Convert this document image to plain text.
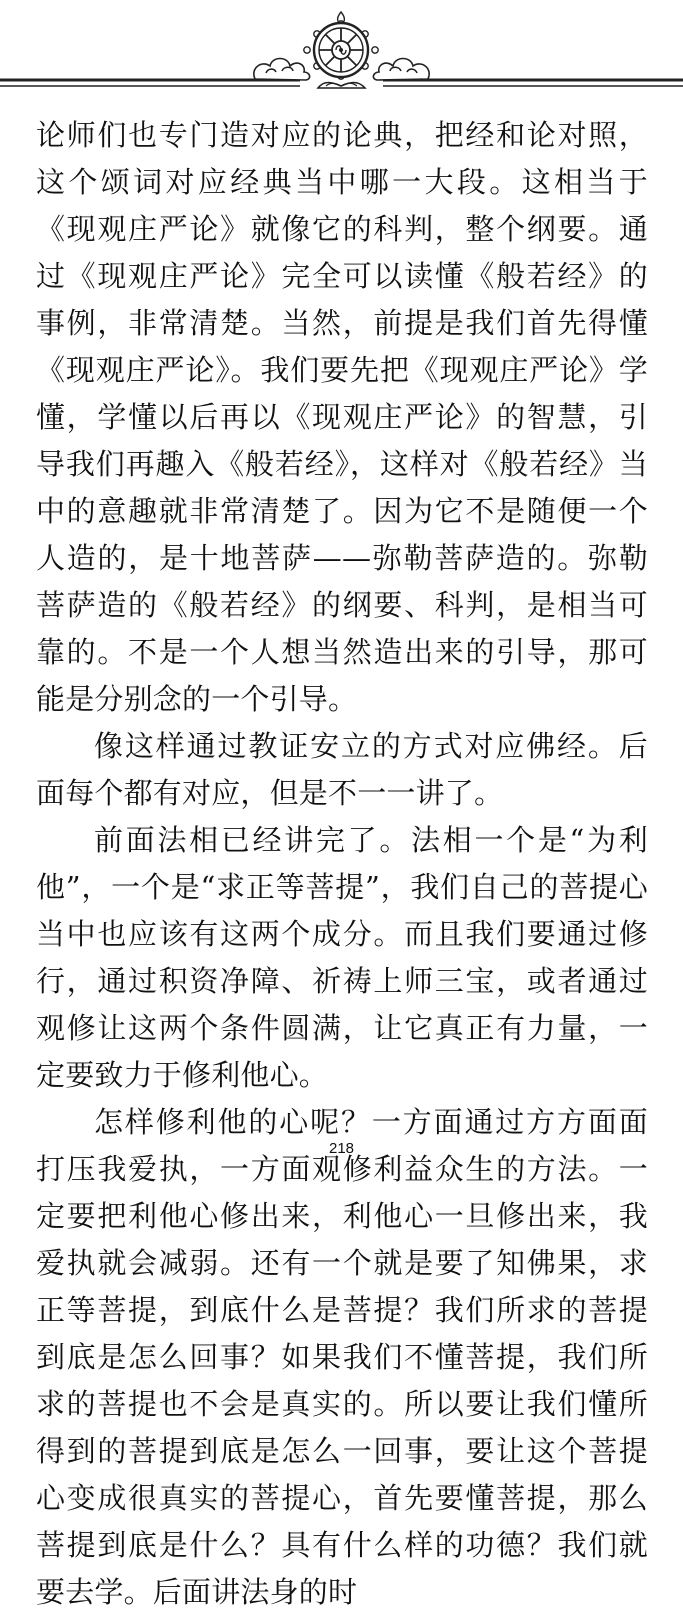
论师们也专门造对应的论典，把经和论对照，这个颂词对应经典当中哪一大段。这相当于《现观庄严论》就像它的科判，整个纲要。通过《现观庄严论》完全可以读懂《般若经》的事例，非常清楚。当然，前提是我们首先得懂《现观庄严论》。我们要先把《现观庄严论》学懂，学懂以后再以《现观庄严论》的智慧，引导我们再趣入《般若经》，这样对《般若经》当中的意趣就非常清楚了。因为它不是随便一个人造的，是十地菩萨——弥勒菩萨造的。弥勒菩萨造的《般若经》的纲要、科判，是相当可靠的。不是一个人想当然造出来的引导，那可能是分别念的一个引导。

像这样通过教证安立的方式对应佛经。后面每个都有对应，但是不一一讲了。

前面法相已经讲完了。法相一个是“为利他”，一个是“求正等菩提”，我们自己的菩提心当中也应该有这两个成分。而且我们要通过修行，通过积资净障、祈祷上师三宝，或者通过观修让这两个条件圆满，让它真正有力量，一定要致力于修利他心。

怎样修利他的心呢？一方面通过方方面面打压我爱执，一方面观修利益众生的方法。一定要把利他心修出来，利他心一旦修出来，我爱执就会减弱。还有一个就是要了知佛果，求正等菩提，到底什么是菩提？我们所求的菩提到底是怎么回事？如果我们不懂菩提，我们所求的菩提也不会是真实的。所以要让我们懂所得到的菩提到底是怎么一回事，要让这个菩提心变成很真实的菩提心，首先要懂菩提，那么菩提到底是什么？具有什么样的功德？我们就要去学。后面讲法身的时

218
